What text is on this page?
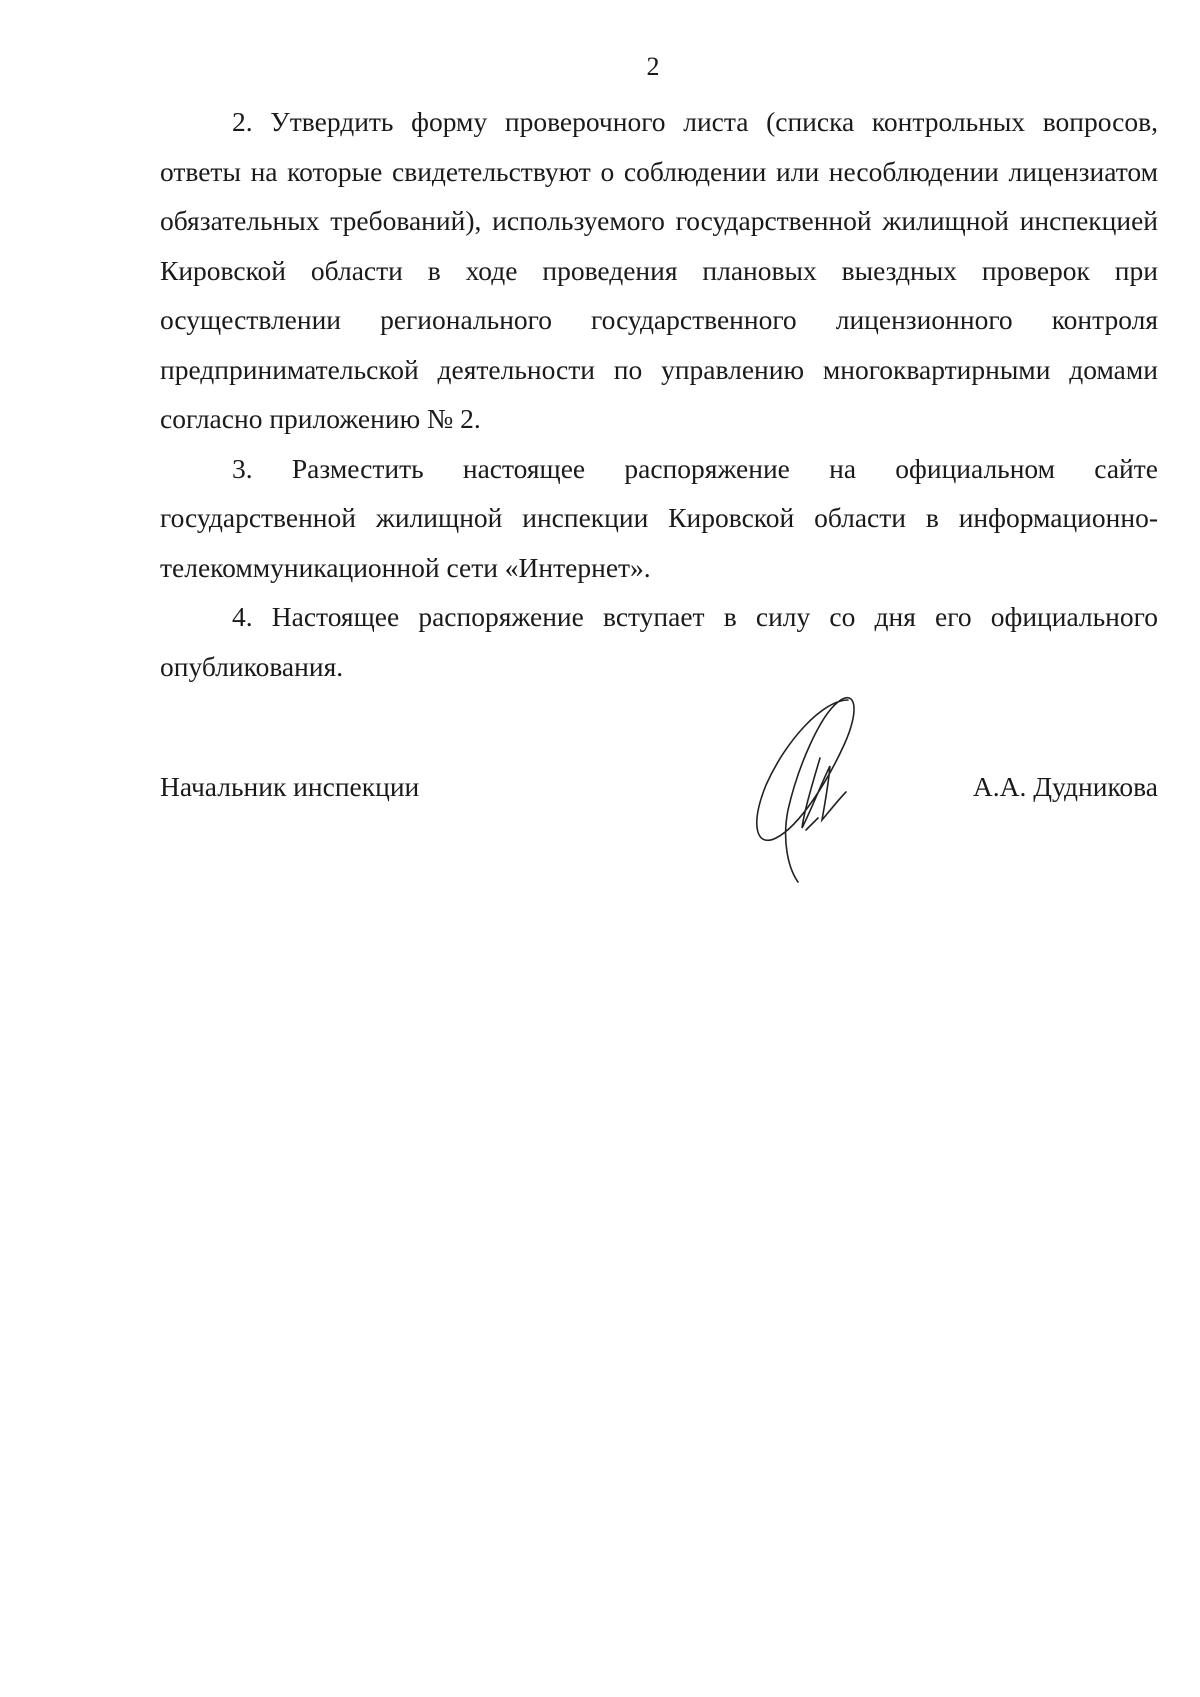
2

2. Утвердить форму проверочного листа (списка контрольных вопросов, ответы на которые свидетельствуют о соблюдении или несоблюдении лицензиатом обязательных требований), используемого государственной жилищной инспекцией Кировской области в ходе проведения плановых выездных проверок при осуществлении регионального государственного лицензионного контроля предпринимательской деятельности по управлению многоквартирными домами согласно приложению № 2.

3. Разместить настоящее распоряжение на официальном сайте государственной жилищной инспекции Кировской области в информационно-телекоммуникационной сети «Интернет».

4. Настоящее распоряжение вступает в силу со дня его официального опубликования.

Начальник инспекции	А.А. Дудникова
